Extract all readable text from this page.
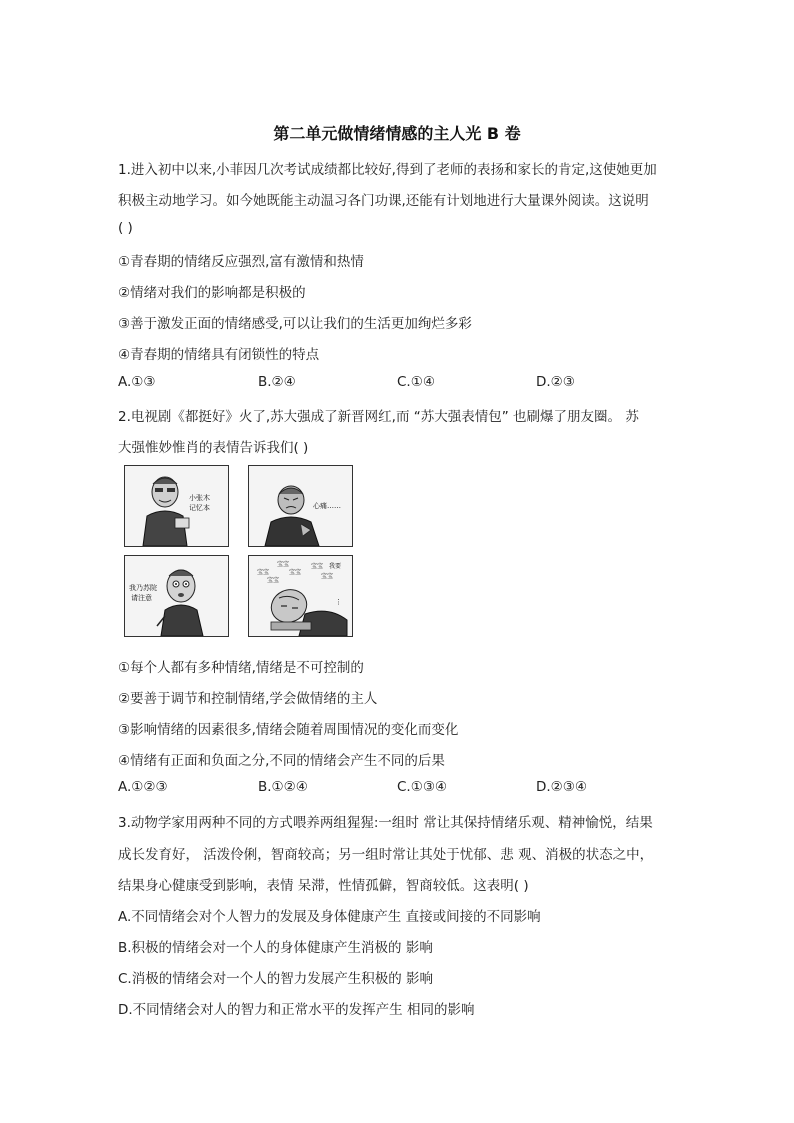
第二单元做情绪情感的主人光 B 卷
1.进入初中以来,小菲因几次考试成绩都比较好,得到了老师的表扬和家长的肯定,这使她更加
积极主动地学习。如今她既能主动温习各门功课,还能有计划地进行大量课外阅读。这说明
( )
①青春期的情绪反应强烈,富有激情和热情
②情绪对我们的影响都是积极的
③善于激发正面的情绪感受,可以让我们的生活更加绚烂多彩
④青春期的情绪具有闭锁性的特点
A.①③	B.②④	C.①④	D.②③
2.电视剧《都挺好》火了,苏大强成了新晋网红,而 “苏大强表情包” 也刷爆了朋友圈。 苏
大强惟妙惟肖的表情告诉我们( )
小张木
记忆本	心痛……
我乃苏院
请注意
宝宝
宝宝	宝宝
宝宝
宝宝 我要
宝宝
⋮
①每个人都有多种情绪,情绪是不可控制的
②要善于调节和控制情绪,学会做情绪的主人
③影响情绪的因素很多,情绪会随着周围情况的变化而变化
④情绪有正面和负面之分,不同的情绪会产生不同的后果
A.①②③	B.①②④	C.①③④	D.②③④
3.动物学家用两种不同的方式喂养两组猩猩:一组时 常让其保持情绪乐观、精神愉悦，结果
成长发育好， 活泼伶俐，智商较高；另一组时常让其处于忧郁、悲 观、消极的状态之中，
结果身心健康受到影响，表情 呆滞，性情孤僻，智商较低。这表明( )
A.不同情绪会对个人智力的发展及身体健康产生 直接或间接的不同影响
B.积极的情绪会对一个人的身体健康产生消极的 影响
C.消极的情绪会对一个人的智力发展产生积极的 影响
D.不同情绪会对人的智力和正常水平的发挥产生 相同的影响
